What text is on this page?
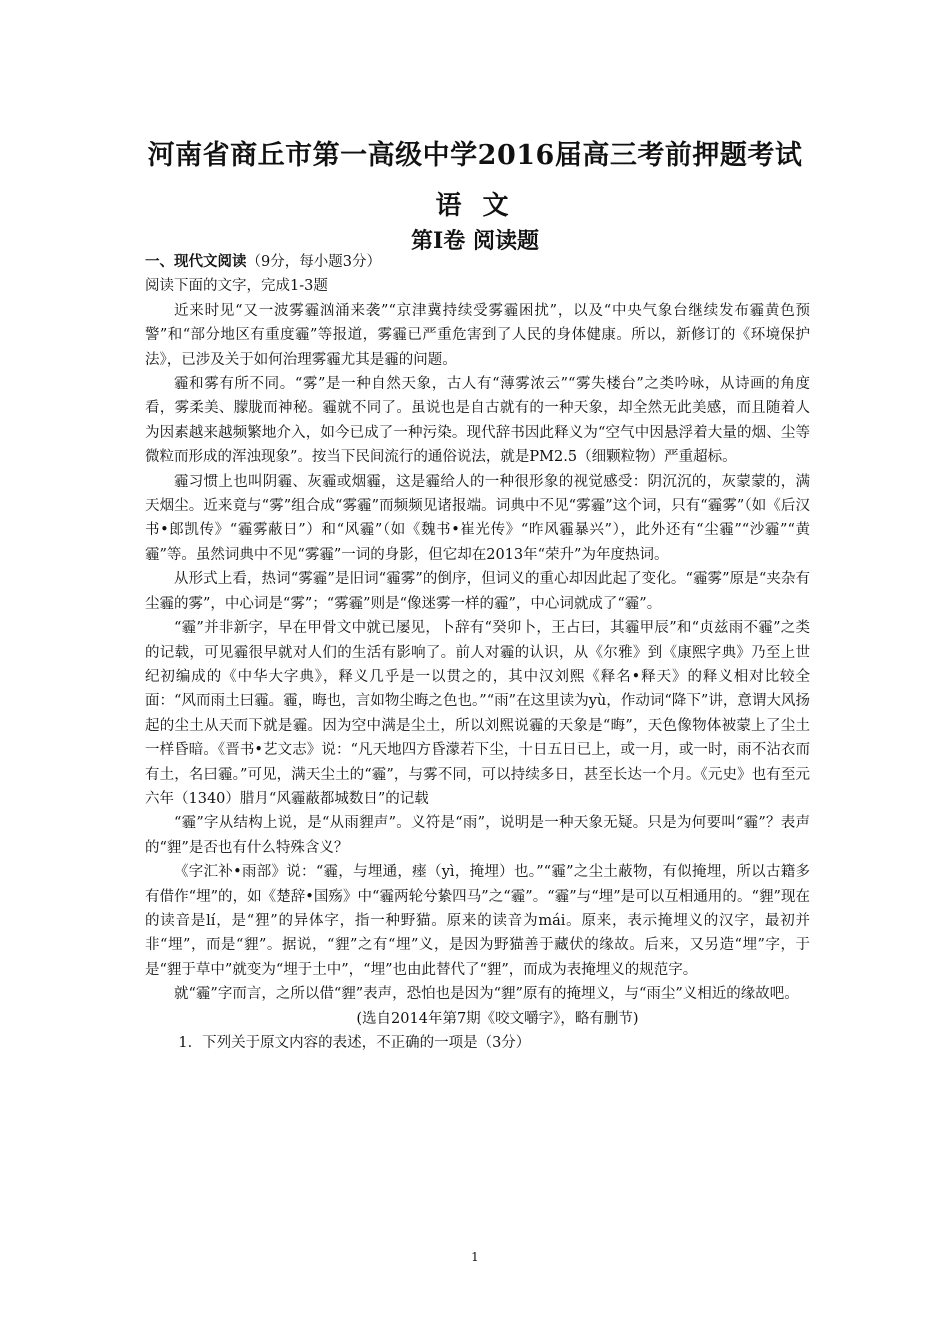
河南省商丘市第一高级中学2016届高三考前押题考试
语 文
第Ⅰ卷 阅读题

一、现代文阅读（9分，每小题3分）

阅读下面的文字，完成1-3题

近来时见“又一波雾霾汹涌来袭”“京津冀持续受雾霾困扰”，以及“中央气象台继续发布霾黄色预警”和“部分地区有重度霾”等报道，雾霾已严重危害到了人民的身体健康。所以，新修订的《环境保护法》，已涉及关于如何治理雾霾尤其是霾的问题。

霾和雾有所不同。“雾”是一种自然天象，古人有“薄雾浓云”“雾失楼台”之类吟咏，从诗画的角度看，雾柔美、朦胧而神秘。霾就不同了。虽说也是自古就有的一种天象，却全然无此美感，而且随着人为因素越来越频繁地介入，如今已成了一种污染。现代辞书因此释义为“空气中因悬浮着大量的烟、尘等微粒而形成的浑浊现象”。按当下民间流行的通俗说法，就是PM2.5（细颗粒物）严重超标。

霾习惯上也叫阴霾、灰霾或烟霾，这是霾给人的一种很形象的视觉感受：阴沉沉的，灰蒙蒙的，满天烟尘。近来竟与“雾”组合成“雾霾”而频频见诸报端。词典中不见“雾霾”这个词，只有“霾雾”（如《后汉书•郎凯传》“霾雾蔽日”）和“风霾”（如《魏书•崔光传》“昨风霾暴兴”），此外还有“尘霾”“沙霾”“黄霾”等。虽然词典中不见“雾霾”一词的身影，但它却在2013年“荣升”为年度热词。

从形式上看，热词“雾霾”是旧词“霾雾”的倒序，但词义的重心却因此起了变化。“霾雾”原是“夹杂有尘霾的雾”，中心词是“雾”；“雾霾”则是“像迷雾一样的霾”，中心词就成了“霾”。

“霾”并非新字，早在甲骨文中就已屡见，卜辞有“癸卯卜，王占曰，其霾甲辰”和“贞兹雨不霾”之类的记载，可见霾很早就对人们的生活有影响了。前人对霾的认识，从《尔雅》到《康熙字典》乃至上世纪初编成的《中华大字典》，释义几乎是一以贯之的，其中汉刘熙《释名•释天》的释义相对比较全面：“风而雨土曰霾。霾，晦也，言如物尘晦之色也。”“雨”在这里读为yù，作动词“降下”讲，意谓大风扬起的尘土从天而下就是霾。因为空中满是尘土，所以刘熙说霾的天象是“晦”，天色像物体被蒙上了尘土一样昏暗。《晋书•艺文志》说：“凡天地四方昏濛若下尘，十日五日已上，或一月，或一时，雨不沾衣而有土，名曰霾。”可见，满天尘土的“霾”，与雾不同，可以持续多日，甚至长达一个月。《元史》也有至元六年（1340）腊月“风霾蔽都城数日”的记载

“霾”字从结构上说，是“从雨貍声”。义符是“雨”，说明是一种天象无疑。只是为何要叫“霾”？表声的“貍”是否也有什么特殊含义？

《字汇补•雨部》说：“霾，与埋通，瘗（yì，掩埋）也。”“霾”之尘土蔽物，有似掩埋，所以古籍多有借作“埋”的，如《楚辞•国殇》中“霾两轮兮絷四马”之“霾”。“霾”与“埋”是可以互相通用的。“貍”现在的读音是lí，是“狸”的异体字，指一种野猫。原来的读音为mái。原来，表示掩埋义的汉字，最初并非“埋”，而是“貍”。据说，“貍”之有“埋”义，是因为野猫善于藏伏的缘故。后来，又另造“埋”字，于是“貍于草中”就变为“埋于土中”，“埋”也由此替代了“貍”，而成为表掩埋义的规范字。

就“霾”字而言，之所以借“貍”表声，恐怕也是因为“貍”原有的掩埋义，与“雨尘”义相近的缘故吧。

(选自2014年第7期《咬文嚼字》，略有删节)

1．下列关于原文内容的表述，不正确的一项是（3分）

1
